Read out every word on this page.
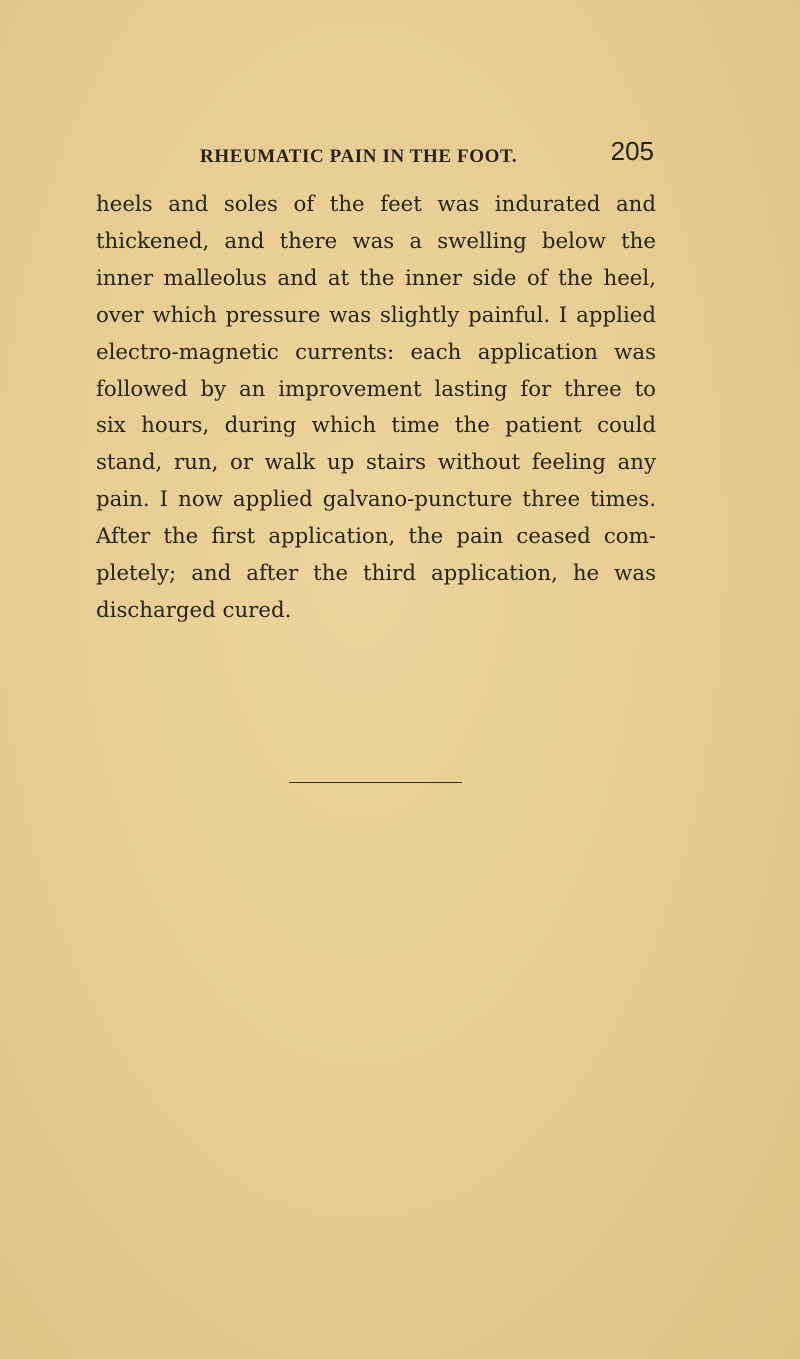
RHEUMATIC PAIN IN THE FOOT.	205

heels and soles of the feet was indurated and
thickened, and there was a swelling below the
inner malleolus and at the inner side of the heel,
over which pressure was slightly painful. I applied
electro-magnetic currents: each application was
followed by an improvement lasting for three to
six hours, during which time the patient could
stand, run, or walk up stairs without feeling any
pain. I now applied galvano-puncture three times.
After the first application, the pain ceased com-
pletely; and after the third application, he was
discharged cured.
